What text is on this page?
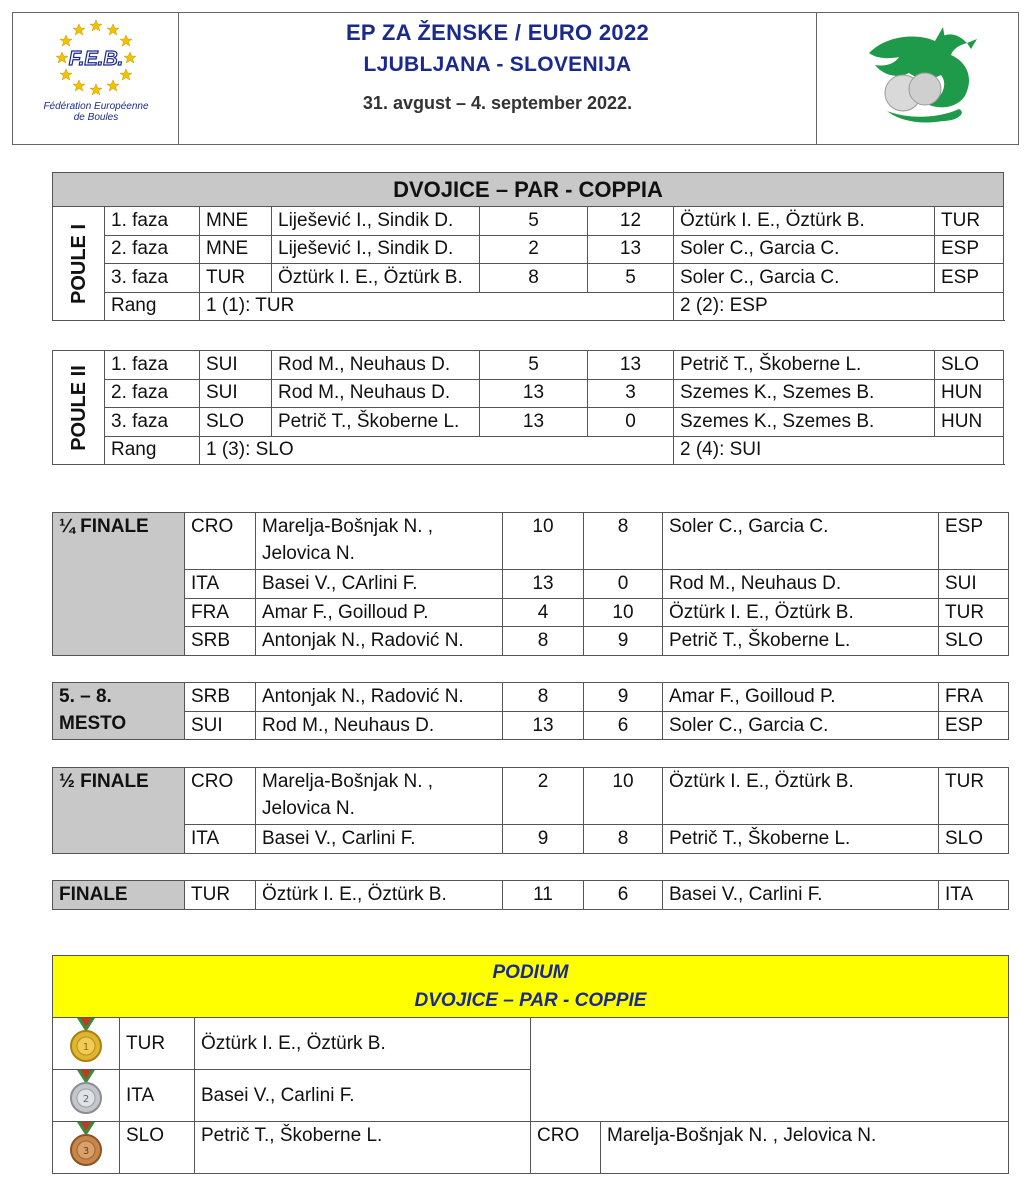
F.E.B.
Fédération Européenne
de Boules
EP ZA ŽENSKE / EURO 2022
LJUBLJANA - SLOVENIJA
31. avgust – 4. september 2022.
DVOJICE – PAR - COPPIA							

POULE I	1. faza	MNE	Liješević I., Sindik D.	5	12	Öztürk I. E., Öztürk B.	TUR
	2. faza	MNE	Liješević I., Sindik D.	2	13	Soler C., Garcia C.	ESP
	3. faza	TUR	Öztürk I. E., Öztürk B.	8	5	Soler C., Garcia C.	ESP
	Rang	1 (1): TUR				2 (2): ESP	
POULE II	1. faza	SUI	Rod M., Neuhaus D.	5	13	Petrič T., Škoberne L.	SLO
	2. faza	SUI	Rod M., Neuhaus D.	13	3	Szemes K., Szemes B.	HUN
	3. faza	SLO	Petrič T., Škoberne L.	13	0	Szemes K., Szemes B.	HUN
	Rang	1 (3): SLO				2 (4): SUI	
¼ FINALE	CRO	Marelja-Bošnjak N. , Jelovica N.	10	8	Soler C., Garcia C.	ESP
	ITA	Basei V., CArlini F.	13	0	Rod M., Neuhaus D.	SUI
	FRA	Amar F., Goilloud P.	4	10	Öztürk I. E., Öztürk B.	TUR
	SRB	Antonjak N., Radović N.	8	9	Petrič T., Škoberne L.	SLO
5. – 8. MESTO	SRB	Antonjak N., Radović N.	8	9	Amar F., Goilloud P.	FRA
	SUI	Rod M., Neuhaus D.	13	6	Soler C., Garcia C.	ESP
½ FINALE	CRO	Marelja-Bošnjak N. , Jelovica N.	2	10	Öztürk I. E., Öztürk B.	TUR
	ITA	Basei V., Carlini F.	9	8	Petrič T., Škoberne L.	SLO
FINALE	TUR	Öztürk I. E., Öztürk B.	11	6	Basei V., Carlini F.	ITA
PODIUM
DVOJICE – PAR - COPPIE				

1	TUR	Öztürk I. E., Öztürk B.		

2	ITA	Basei V., Carlini F.		

3	SLO	Petrič T., Škoberne L.	CRO	Marelja-Bošnjak N. , Jelovica N.
